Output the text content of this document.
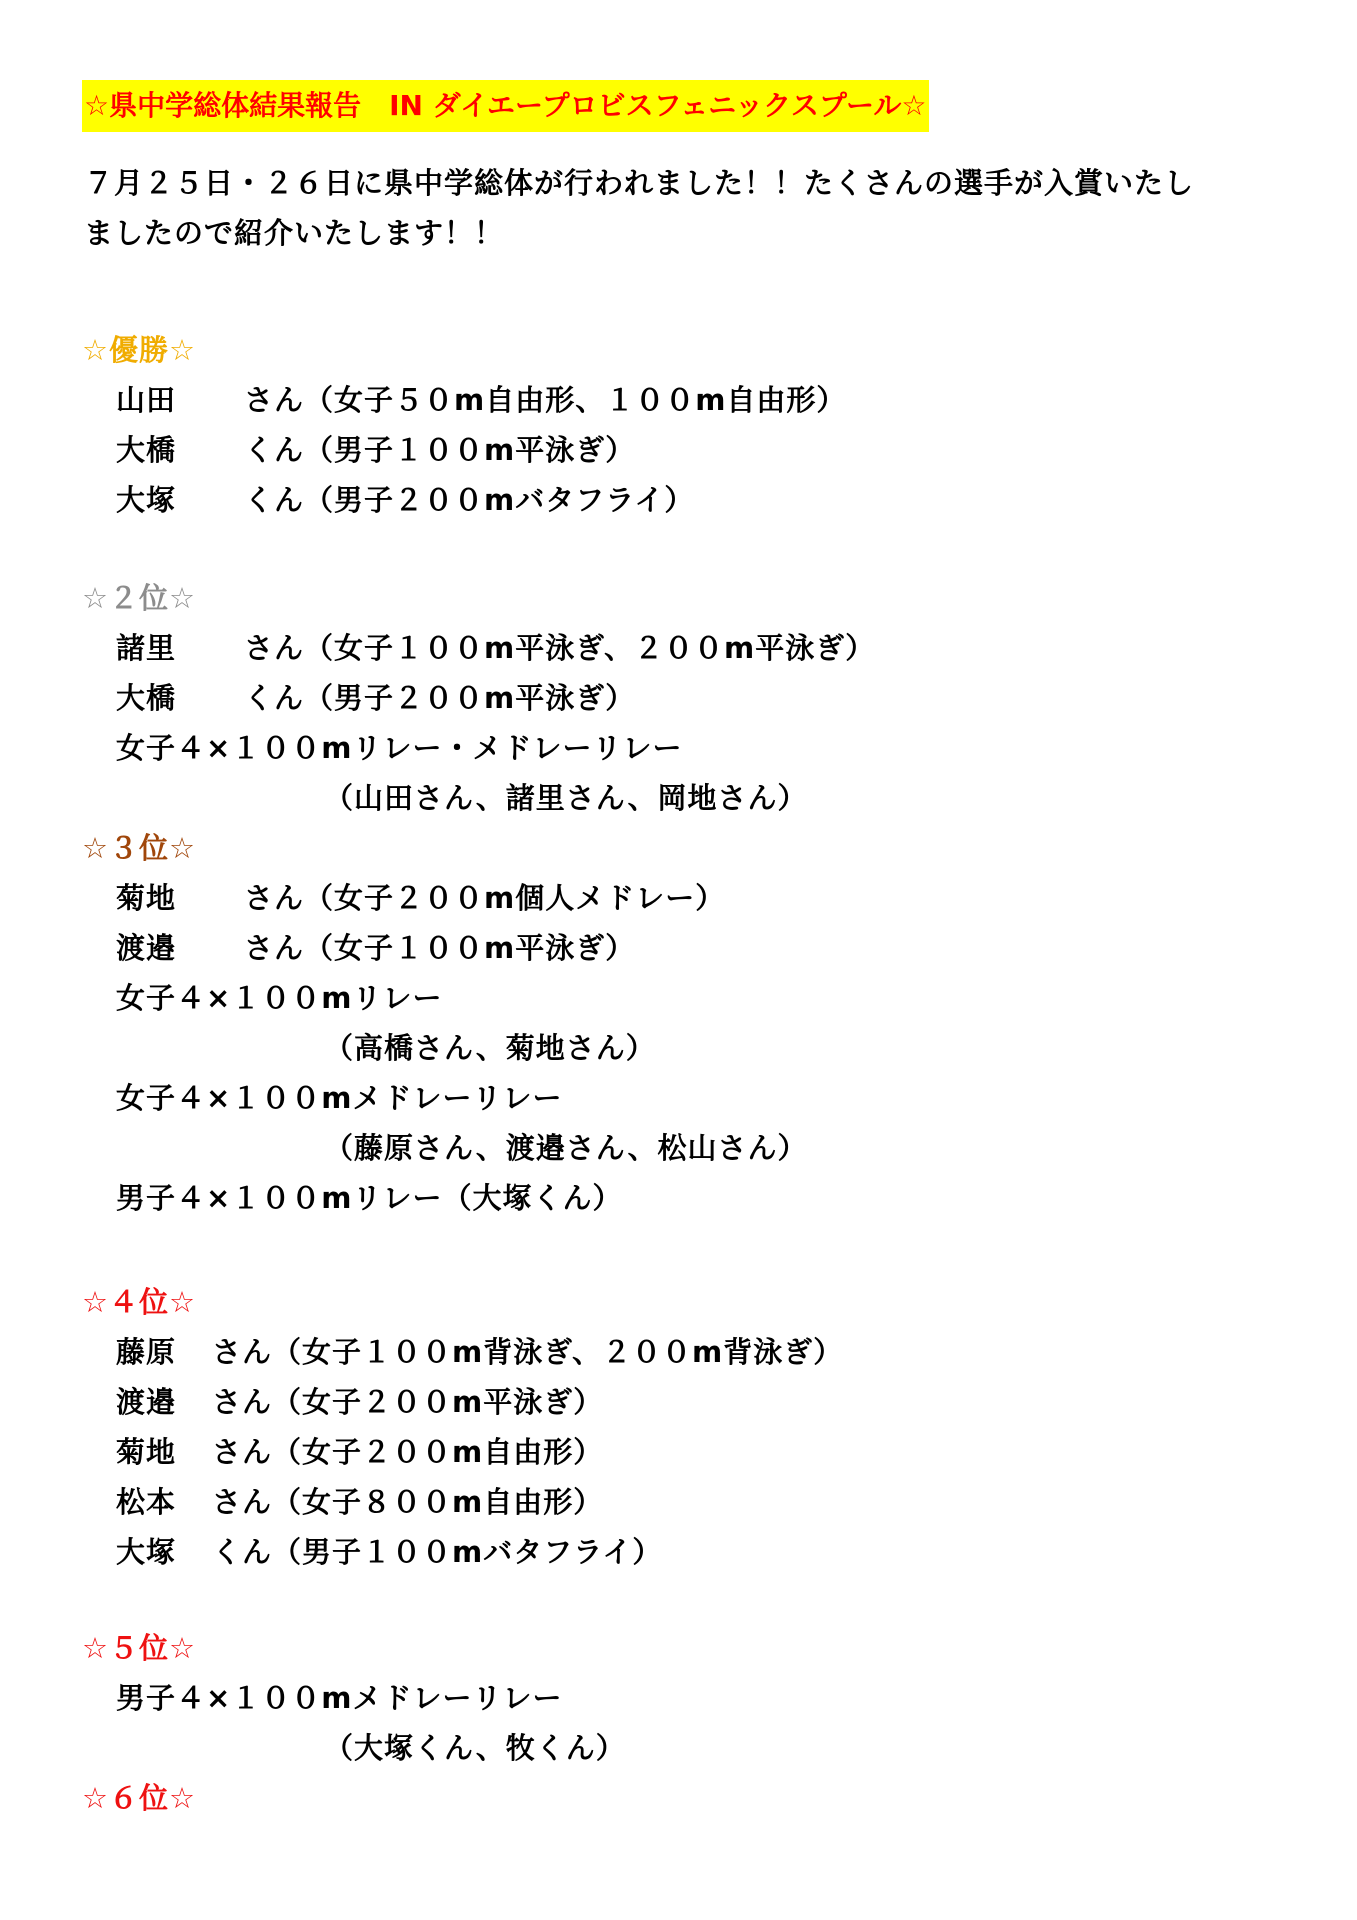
☆県中学総体結果報告　IN ダイエープロビスフェニックスプール☆
７月２５日・２６日に県中学総体が行われました！！たくさんの選手が入賞いたし
ましたので紹介いたします！！
☆優勝☆
山田 さん（女子５０m自由形、１００m自由形）
大橋 くん（男子１００m平泳ぎ）
大塚 くん（男子２００mバタフライ）
☆２位☆
諸里 さん（女子１００m平泳ぎ、２００m平泳ぎ）
大橋 くん（男子２００m平泳ぎ）
女子４×１００mリレー・メドレーリレー
（山田さん、諸里さん、岡地さん）
☆３位☆
菊地 さん（女子２００m個人メドレー）
渡邉 さん（女子１００m平泳ぎ）
女子４×１００mリレー
（高橋さん、菊地さん）
女子４×１００mメドレーリレー
（藤原さん、渡邉さん、松山さん）
男子４×１００mリレー（大塚くん）
☆４位☆
藤原 さん（女子１００m背泳ぎ、２００m背泳ぎ）
渡邉 さん（女子２００m平泳ぎ）
菊地 さん（女子２００m自由形）
松本 さん（女子８００m自由形）
大塚 くん（男子１００mバタフライ）
☆５位☆
男子４×１００mメドレーリレー
（大塚くん、牧くん）
☆６位☆
